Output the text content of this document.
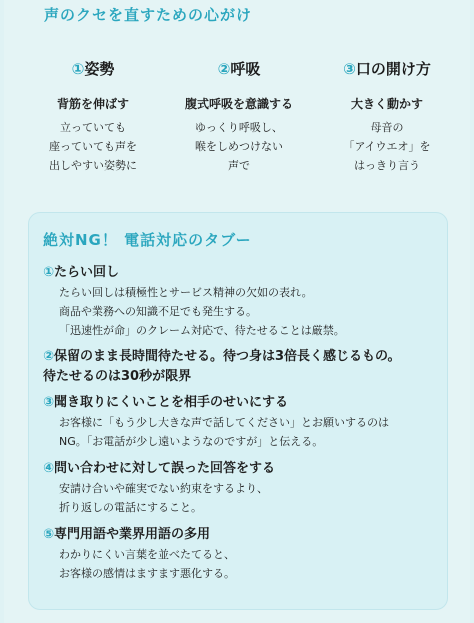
声のクセを直すための心がけ
①姿勢
背筋を伸ばす
立っていても
座っていても声を
出しやすい姿勢に
②呼吸
腹式呼吸を意識する
ゆっくり呼吸し、
喉をしめつけない
声で
③口の開け方
大きく動かす
母音の
「アイウエオ」を
はっきり言う
絶対NG！ 電話対応のタブー
①たらい回し
たらい回しは積極性とサービス精神の欠如の表れ。
商品や業務への知識不足でも発生する。
「迅速性が命」のクレーム対応で、待たせることは厳禁。
②保留のまま長時間待たせる。待つ身は3倍長く感じるもの。
待たせるのは30秒が限界
③聞き取りにくいことを相手のせいにする
お客様に「もう少し大きな声で話してください」とお願いするのは
NG。「お電話が少し遠いようなのですが」と伝える。
④問い合わせに対して誤った回答をする
安請け合いや確実でない約束をするより、
折り返しの電話にすること。
⑤専門用語や業界用語の多用
わかりにくい言葉を並べたてると、
お客様の感情はますます悪化する。
